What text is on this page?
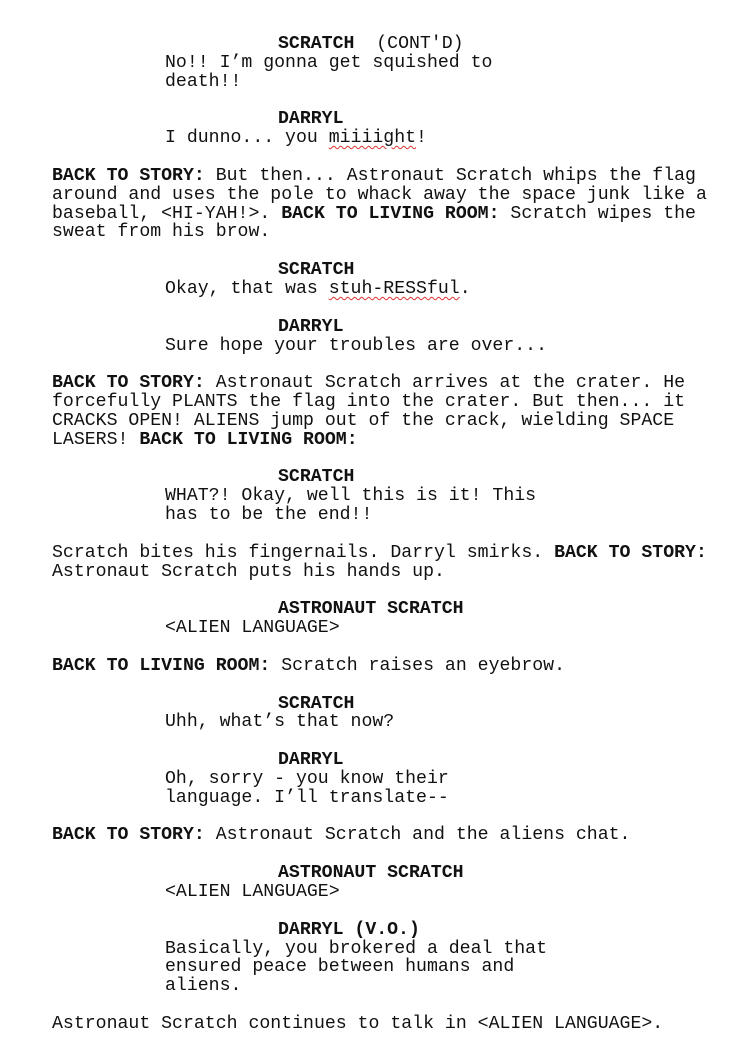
SCRATCH  (CONT'D)
No!! I’m gonna get squished to
death!!
DARRYL
I dunno... you miiiight!
BACK TO STORY: But then... Astronaut Scratch whips the flag
around and uses the pole to whack away the space junk like a
baseball, <HI-YAH!>. BACK TO LIVING ROOM: Scratch wipes the
sweat from his brow.
SCRATCH
Okay, that was stuh-RESSful.
DARRYL
Sure hope your troubles are over...
BACK TO STORY: Astronaut Scratch arrives at the crater. He
forcefully PLANTS the flag into the crater. But then... it
CRACKS OPEN! ALIENS jump out of the crack, wielding SPACE
LASERS! BACK TO LIVING ROOM:
SCRATCH
WHAT?! Okay, well this is it! This
has to be the end!!
Scratch bites his fingernails. Darryl smirks. BACK TO STORY:
Astronaut Scratch puts his hands up.
ASTRONAUT SCRATCH
<ALIEN LANGUAGE>
BACK TO LIVING ROOM: Scratch raises an eyebrow.
SCRATCH
Uhh, what’s that now?
DARRYL
Oh, sorry - you know their
language. I’ll translate--
BACK TO STORY: Astronaut Scratch and the aliens chat.
ASTRONAUT SCRATCH
<ALIEN LANGUAGE>
DARRYL (V.O.)
Basically, you brokered a deal that
ensured peace between humans and
aliens.
Astronaut Scratch continues to talk in <ALIEN LANGUAGE>.
